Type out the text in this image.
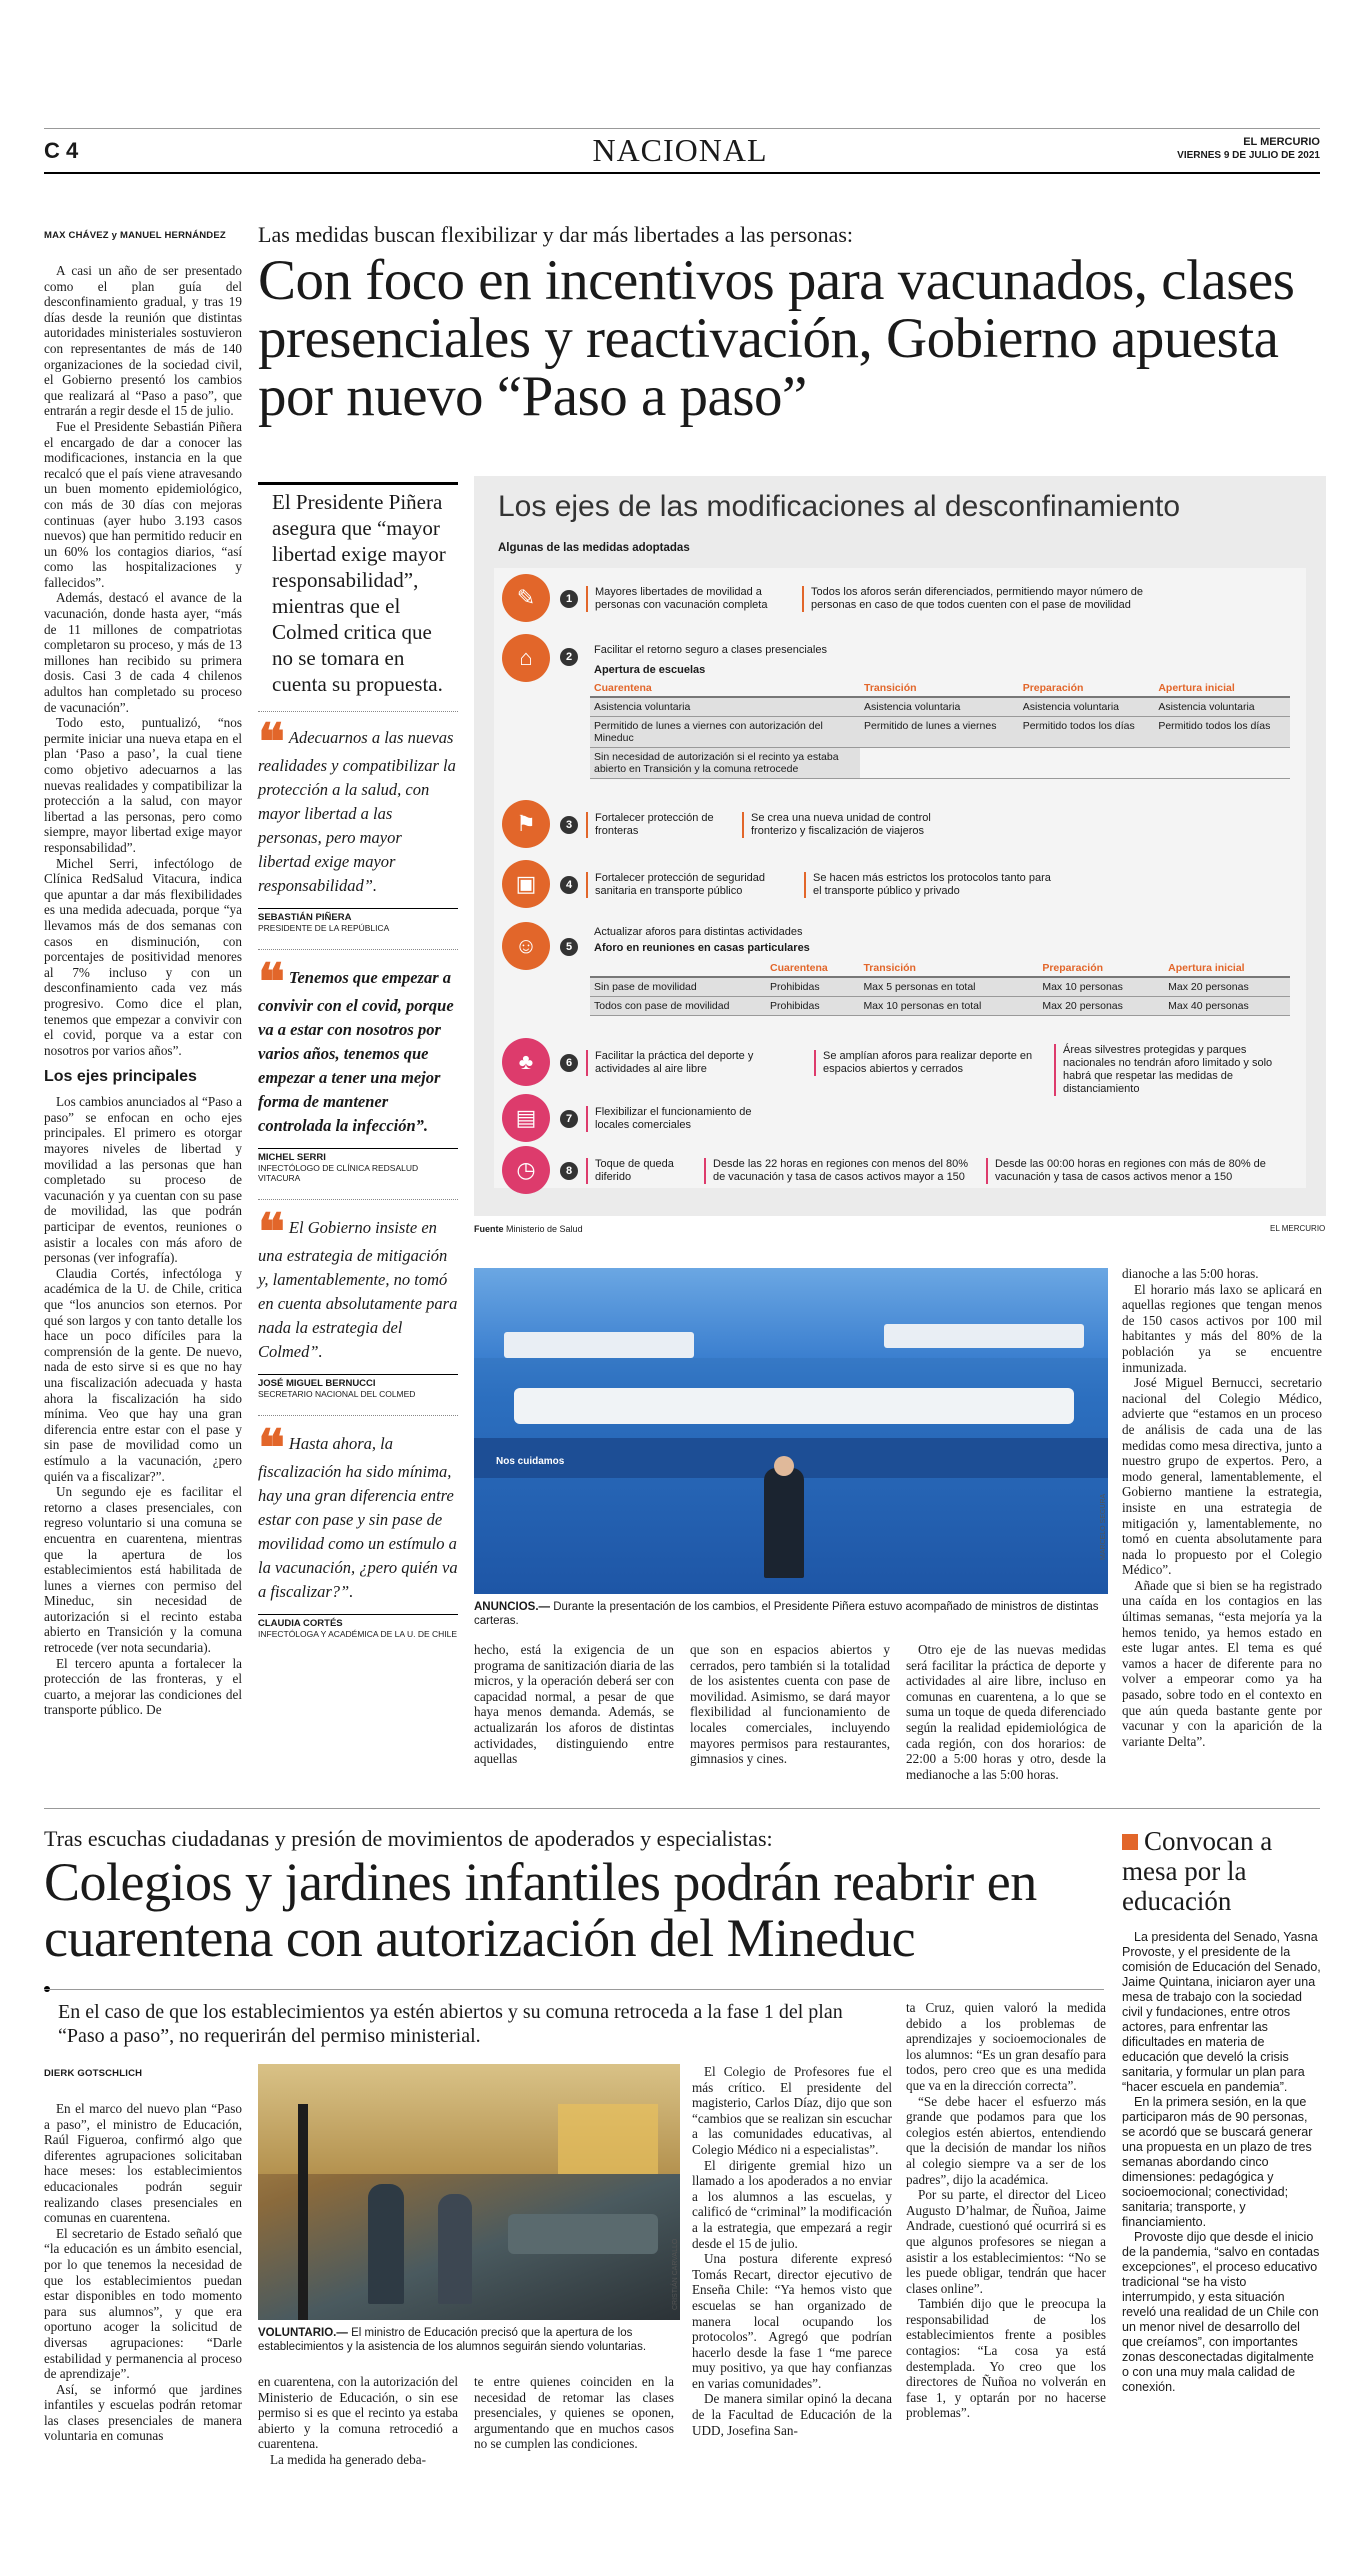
C 4	NACIONAL	EL MERCURIO
VIERNES 9 DE JULIO DE 2021
Las medidas buscan flexibilizar y dar más libertades a las personas:
Con foco en incentivos para vacunados, clases presenciales y reactivación, Gobierno apuesta por nuevo “Paso a paso”
MAX CHÁVEZ y MANUEL HERNÁNDEZ

A casi un año de ser presentado como el plan guía del desconfinamiento gradual, y tras 19 días desde la reunión que distintas autoridades ministeriales sostuvieron con representantes de más de 140 organizaciones de la sociedad civil, el Gobierno presentó los cambios que realizará al “Paso a paso”, que entrarán a regir desde el 15 de julio.

Fue el Presidente Sebastián Piñera el encargado de dar a conocer las modificaciones, instancia en la que recalcó que el país viene atravesando un buen momento epidemiológico, con más de 30 días con mejoras continuas (ayer hubo 3.193 casos nuevos) que han permitido reducir en un 60% los contagios diarios, “así como las hospitalizaciones y fallecidos”.

Además, destacó el avance de la vacunación, donde hasta ayer, “más de 11 millones de compatriotas completaron su proceso, y más de 13 millones han recibido su primera dosis. Casi 3 de cada 4 chilenos adultos han completado su proceso de vacunación”.

Todo esto, puntualizó, “nos permite iniciar una nueva etapa en el plan ‘Paso a paso’, la cual tiene como objetivo adecuarnos a las nuevas realidades y compatibilizar la protección a la salud, con mayor libertad a las personas, pero como siempre, mayor libertad exige mayor responsabilidad”.

Michel Serri, infectólogo de Clínica RedSalud Vitacura, indica que apuntar a dar más flexibilidades es una medida adecuada, porque “ya llevamos más de dos semanas con casos en disminución, con porcentajes de positividad menores al 7% incluso y con un desconfinamiento cada vez más progresivo. Como dice el plan, tenemos que empezar a convivir con el covid, porque va a estar con nosotros por varios años”.

Los ejes principales

Los cambios anunciados al “Paso a paso” se enfocan en ocho ejes principales. El primero es otorgar mayores niveles de libertad y movilidad a las personas que han completado su proceso de vacunación y ya cuentan con su pase de movilidad, las que podrán participar de eventos, reuniones o asistir a locales con más aforo de personas (ver infografía).

Claudia Cortés, infectóloga y académica de la U. de Chile, critica que “los anuncios son eternos. Por qué son largos y con tanto detalle los hace un poco difíciles para la comprensión de la gente. De nuevo, nada de esto sirve si es que no hay una fiscalización adecuada y hasta ahora la fiscalización ha sido mínima. Veo que hay una gran diferencia entre estar con el pase y sin pase de movilidad como un estímulo a la vacunación, ¿pero quién va a fiscalizar?”.

Un segundo eje es facilitar el retorno a clases presenciales, con regreso voluntario si una comuna se encuentra en cuarentena, mientras que la apertura de los establecimientos está habilitada de lunes a viernes con permiso del Mineduc, sin necesidad de autorización si el recinto estaba abierto en Transición y la comuna retrocede (ver nota secundaria).

El tercero apunta a fortalecer la protección de las fronteras, y el cuarto, a mejorar las condiciones del transporte público. De

El Presidente Piñera asegura que “mayor libertad exige mayor responsabilidad”, mientras que el Colmed critica que no se tomara en cuenta su propuesta.
❝ Adecuarnos a las nuevas realidades y compatibilizar la protección a la salud, con mayor libertad a las personas, pero mayor libertad exige mayor responsabilidad”.
SEBASTIÁN PIÑERA
PRESIDENTE DE LA REPÚBLICA
❝ Tenemos que empezar a convivir con el covid, porque va a estar con nosotros por varios años, tenemos que empezar a tener una mejor forma de mantener controlada la infección”.
MICHEL SERRI
INFECTÓLOGO DE CLÍNICA REDSALUD VITACURA
❝ El Gobierno insiste en una estrategia de mitigación y, lamentablemente, no tomó en cuenta absolutamente para nada la estrategia del Colmed”.
JOSÉ MIGUEL BERNUCCI
SECRETARIO NACIONAL DEL COLMED
❝ Hasta ahora, la fiscalización ha sido mínima, hay una gran diferencia entre estar con pase y sin pase de movilidad como un estímulo a la vacunación, ¿pero quién va a fiscalizar?”.
CLAUDIA CORTÉS
INFECTÓLOGA Y ACADÉMICA DE LA U. DE CHILE
Los ejes de las modificaciones al desconfinamiento
Algunas de las medidas adoptadas
✎	1
Mayores libertades de movilidad a personas con vacunación completa
Todos los aforos serán diferenciados, permitiendo mayor número de personas en caso de que todos cuenten con el pase de movilidad
⌂	2
Facilitar el retorno seguro a clases presenciales
Apertura de escuelas
Cuarentena	Transición	Preparación	Apertura inicial
Asistencia voluntaria	Asistencia voluntaria	Asistencia voluntaria	Asistencia voluntaria
Permitido de lunes a viernes con autorización del Mineduc	Permitido de lunes a viernes	Permitido todos los días	Permitido todos los días
Sin necesidad de autorización si el recinto ya estaba abierto en Transición y la comuna retrocede			
⚑	3
Fortalecer protección de fronteras
Se crea una nueva unidad de control fronterizo y fiscalización de viajeros
▣	4
Fortalecer protección de seguridad sanitaria en transporte público
Se hacen más estrictos los protocolos tanto para el transporte público y privado
☺	5
Actualizar aforos para distintas actividades
Aforo en reuniones en casas particulares
	Cuarentena	Transición	Preparación	Apertura inicial
Sin pase de movilidad	Prohibidas	Max 5 personas en total	Max 10 personas	Max 20 personas
Todos con pase de movilidad	Prohibidas	Max 10 personas en total	Max 20 personas	Max 40 personas
♣	6
Facilitar la práctica del deporte y actividades al aire libre
Se amplían aforos para realizar deporte en espacios abiertos y cerrados
Áreas silvestres protegidas y parques nacionales no tendrán aforo limitado y solo habrá que respetar las medidas de distanciamiento
▤	7
Flexibilizar el funcionamiento de locales comerciales
◷	8
Toque de queda diferido
Desde las 22 horas en regiones con menos del 80% de vacunación y tasa de casos activos mayor a 150
Desde las 00:00 horas en regiones con más de 80% de vacunación y tasa de casos activos menor a 150
Fuente Ministerio de Salud	EL MERCURIO
Nos cuidamos
MARCELO SEGURA
ANUNCIOS.— Durante la presentación de los cambios, el Presidente Piñera estuvo acompañado de ministros de distintas carteras.

hecho, está la exigencia de un programa de sanitización diaria de las micros, y la operación deberá ser con capacidad normal, a pesar de que haya menos demanda. Además, se actualizarán los aforos de distintas actividades, distinguiendo entre aquellas

que son en espacios abiertos y cerrados, pero también si la totalidad de los asistentes cuenta con pase de movilidad. Asimismo, se dará mayor flexibilidad al funcionamiento de locales comerciales, incluyendo mayores permisos para restaurantes, gimnasios y cines.

Otro eje de las nuevas medidas será facilitar la práctica de deporte y actividades al aire libre, incluso en comunas en cuarentena, a lo que se suma un toque de queda diferenciado según la realidad epidemiológica de cada región, con dos horarios: de 22:00 a 5:00 horas y otro, desde la medianoche a las 5:00 horas.

dianoche a las 5:00 horas.

El horario más laxo se aplicará en aquellas regiones que tengan menos de 150 casos activos por 100 mil habitantes y más del 80% de la población ya se encuentre inmunizada.

José Miguel Bernucci, secretario nacional del Colegio Médico, advierte que “estamos en un proceso de análisis de cada una de las medidas como mesa directiva, junto a nuestro grupo de expertos. Pero, a modo general, lamentablemente, el Gobierno mantiene la estrategia, insiste en una estrategia de mitigación y, lamentablemente, no tomó en cuenta absolutamente para nada lo propuesto por el Colegio Médico”.

Añade que si bien se ha registrado una caída en los contagios en las últimas semanas, “esta mejoría ya la hemos tenido, ya hemos estado en este lugar antes. El tema es qué vamos a hacer de diferente para no volver a empeorar como ya ha pasado, sobre todo en el contexto en que aún queda bastante gente por vacunar y con la aparición de la variante Delta”.

Tras escuchas ciudadanas y presión de movimientos de apoderados y especialistas:
Colegios y jardines infantiles podrán reabrir en cuarentena con autorización del Mineduc
En el caso de que los establecimientos ya estén abiertos y su comuna retroceda a la fase 1 del plan “Paso a paso”, no requerirán del permiso ministerial.
DIERK GOTSCHLICH

En el marco del nuevo plan “Paso a paso”, el ministro de Educación, Raúl Figueroa, confirmó algo que diferentes agrupaciones solicitaban hace meses: los establecimientos educacionales podrán seguir realizando clases presenciales en comunas en cuarentena.

El secretario de Estado señaló que “la educación es un ámbito esencial, por lo que tenemos la necesidad de que los establecimientos puedan estar disponibles en todo momento para sus alumnos”, y que era oportuno acoger la solicitud de diversas agrupaciones: “Darle estabilidad y permanencia al proceso de aprendizaje”.

Así, se informó que jardines infantiles y escuelas podrán retomar las clases presenciales de manera voluntaria en comunas

CRISTIÁN CARVALLO
VOLUNTARIO.— El ministro de Educación precisó que la apertura de los establecimientos y la asistencia de los alumnos seguirán siendo voluntarias.

en cuarentena, con la autorización del Ministerio de Educación, o sin ese permiso si es que el recinto ya estaba abierto y la comuna retrocedió a cuarentena.

La medida ha generado deba-

te entre quienes coinciden en la necesidad de retomar las clases presenciales, y quienes se oponen, argumentando que en muchos casos no se cumplen las condiciones.

El Colegio de Profesores fue el más crítico. El presidente del magisterio, Carlos Díaz, dijo que son “cambios que se realizan sin escuchar a las comunidades educativas, al Colegio Médico ni a especialistas”.

El dirigente gremial hizo un llamado a los apoderados a no enviar a los alumnos a las escuelas, y calificó de “criminal” la modificación a la estrategia, que empezará a regir desde el 15 de julio.

Una postura diferente expresó Tomás Recart, director ejecutivo de Enseña Chile: “Ya hemos visto que escuelas se han organizado de manera local ocupando los protocolos”. Agregó que podrían hacerlo desde la fase 1 “me parece muy positivo, ya que hay confianzas en varias comunidades”.

De manera similar opinó la decana de la Facultad de Educación de la UDD, Josefina San-

ta Cruz, quien valoró la medida debido a los problemas de aprendizajes y socioemocionales de los alumnos: “Es un gran desafío para todos, pero creo que es una medida que va en la dirección correcta”.

“Se debe hacer el esfuerzo más grande que podamos para que los colegios estén abiertos, entendiendo que la decisión de mandar los niños al colegio siempre va a ser de los padres”, dijo la académica.

Por su parte, el director del Liceo Augusto D’halmar, de Ñuñoa, Jaime Andrade, cuestionó qué ocurrirá si es que algunos profesores se niegan a asistir a los establecimientos: “No se les puede obligar, tendrán que hacer clases online”.

También dijo que le preocupa la responsabilidad de los establecimientos frente a posibles contagios: “La cosa ya está destemplada. Yo creo que los directores de Ñuñoa no volverán en fase 1, y optarán por no hacerse problemas”.

Convocan a mesa por la educación

La presidenta del Senado, Yasna Provoste, y el presidente de la comisión de Educación del Senado, Jaime Quintana, iniciaron ayer una mesa de trabajo con la sociedad civil y fundaciones, entre otros actores, para enfrentar las dificultades en materia de educación que develó la crisis sanitaria, y formular un plan para “hacer escuela en pandemia”.

En la primera sesión, en la que participaron más de 90 personas, se acordó que se buscará generar una propuesta en un plazo de tres semanas abordando cinco dimensiones: pedagógica y socioemocional; conectividad; sanitaria; transporte, y financiamiento.

Provoste dijo que desde el inicio de la pandemia, “salvo en contadas excepciones”, el proceso educativo tradicional “se ha visto interrumpido, y esta situación reveló una realidad de un Chile con un menor nivel de desarrollo del que creíamos”, con importantes zonas desconectadas digitalmente o con una muy mala calidad de conexión.
